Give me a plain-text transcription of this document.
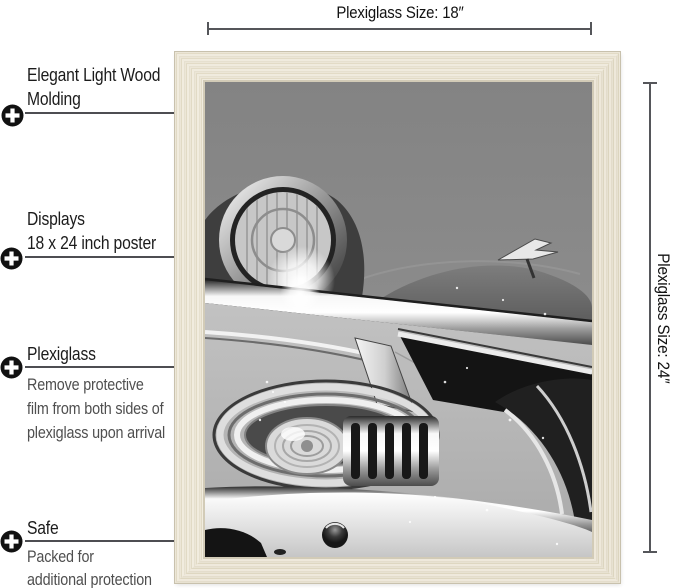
Plexiglass Size: 18″
Plexiglass Size: 24″
Elegant Light Wood
Molding
Displays
18 x 24 inch poster
Plexiglass
Remove protective
film from both sides of
plexiglass upon arrival
Safe
Packed for
additional protection
